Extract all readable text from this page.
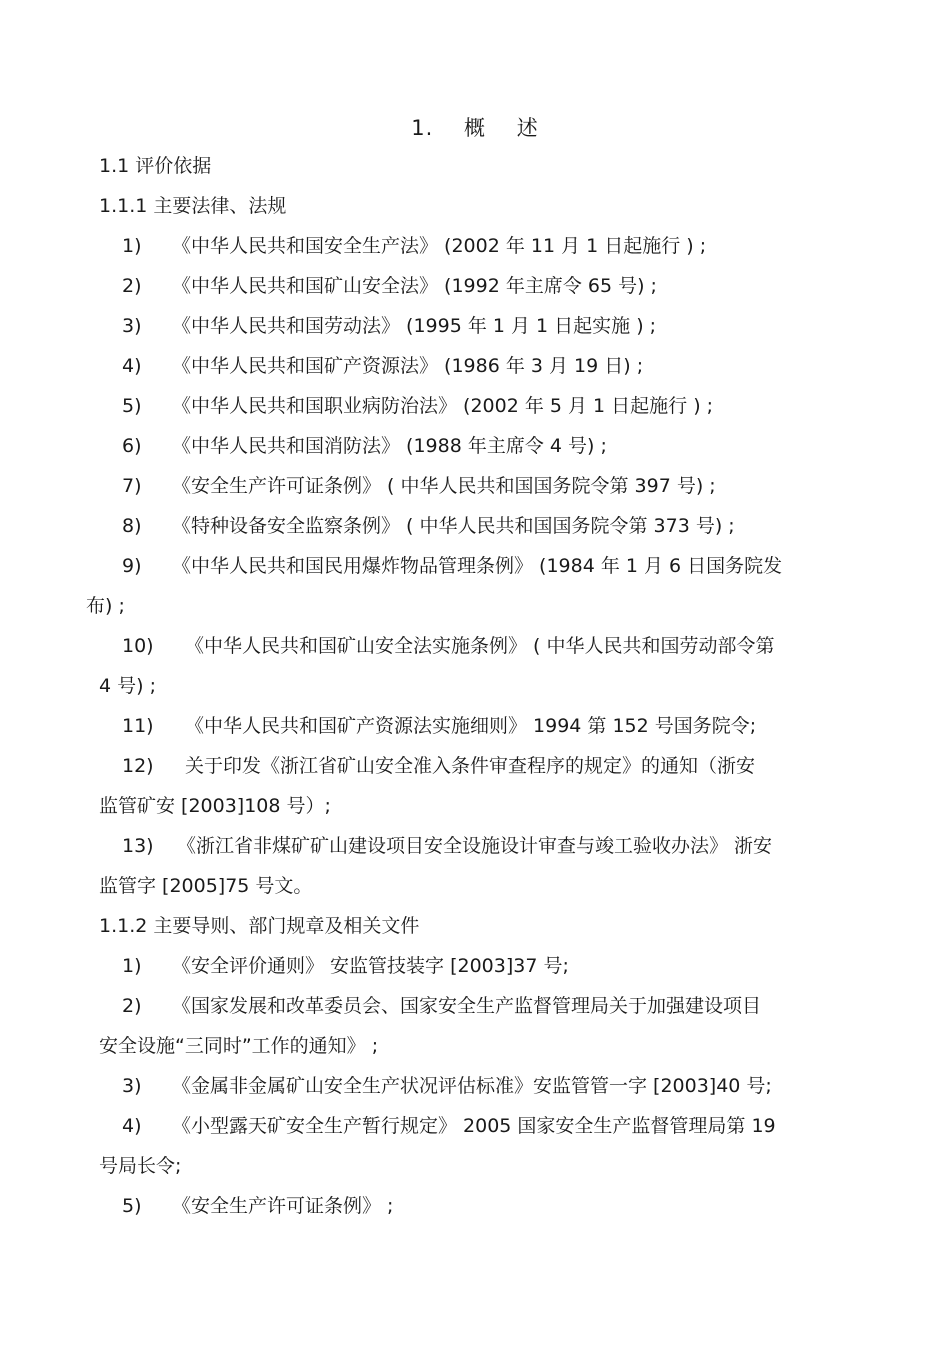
1.    概    述
1.1 评价依据
1.1.1 主要法律、法规
1) 《中华人民共和国安全生产法》 (2002 年 11 月 1 日起施行 ) ;
2) 《中华人民共和国矿山安全法》 (1992 年主席令 65 号) ;
3) 《中华人民共和国劳动法》 (1995 年 1 月 1 日起实施 ) ;
4) 《中华人民共和国矿产资源法》 (1986 年 3 月 19 日) ;
5) 《中华人民共和国职业病防治法》 (2002 年 5 月 1 日起施行 ) ;
6) 《中华人民共和国消防法》 (1988 年主席令 4 号) ;
7) 《安全生产许可证条例》 ( 中华人民共和国国务院令第 397 号) ;
8) 《特种设备安全监察条例》 ( 中华人民共和国国务院令第 373 号) ;
9) 《中华人民共和国民用爆炸物品管理条例》 (1984 年 1 月 6 日国务院发
布) ;
10) 《中华人民共和国矿山安全法实施条例》 ( 中华人民共和国劳动部令第
4 号) ;
11) 《中华人民共和国矿产资源法实施细则》 1994 第 152 号国务院令;
12) 关于印发《浙江省矿山安全准入条件审查程序的规定》的通知（浙安
监管矿安 [2003]108 号）;
13) 《浙江省非煤矿矿山建设项目安全设施设计审查与竣工验收办法》 浙安
监管字 [2005]75 号文。
1.1.2 主要导则、部门规章及相关文件
1) 《安全评价通则》 安监管技装字 [2003]37 号;
2) 《国家发展和改革委员会、国家安全生产监督管理局关于加强建设项目
安全设施“三同时”工作的通知》 ;
3) 《金属非金属矿山安全生产状况评估标准》安监管管一字 [2003]40 号;
4) 《小型露天矿安全生产暂行规定》 2005 国家安全生产监督管理局第 19
号局长令;
5) 《安全生产许可证条例》 ;
